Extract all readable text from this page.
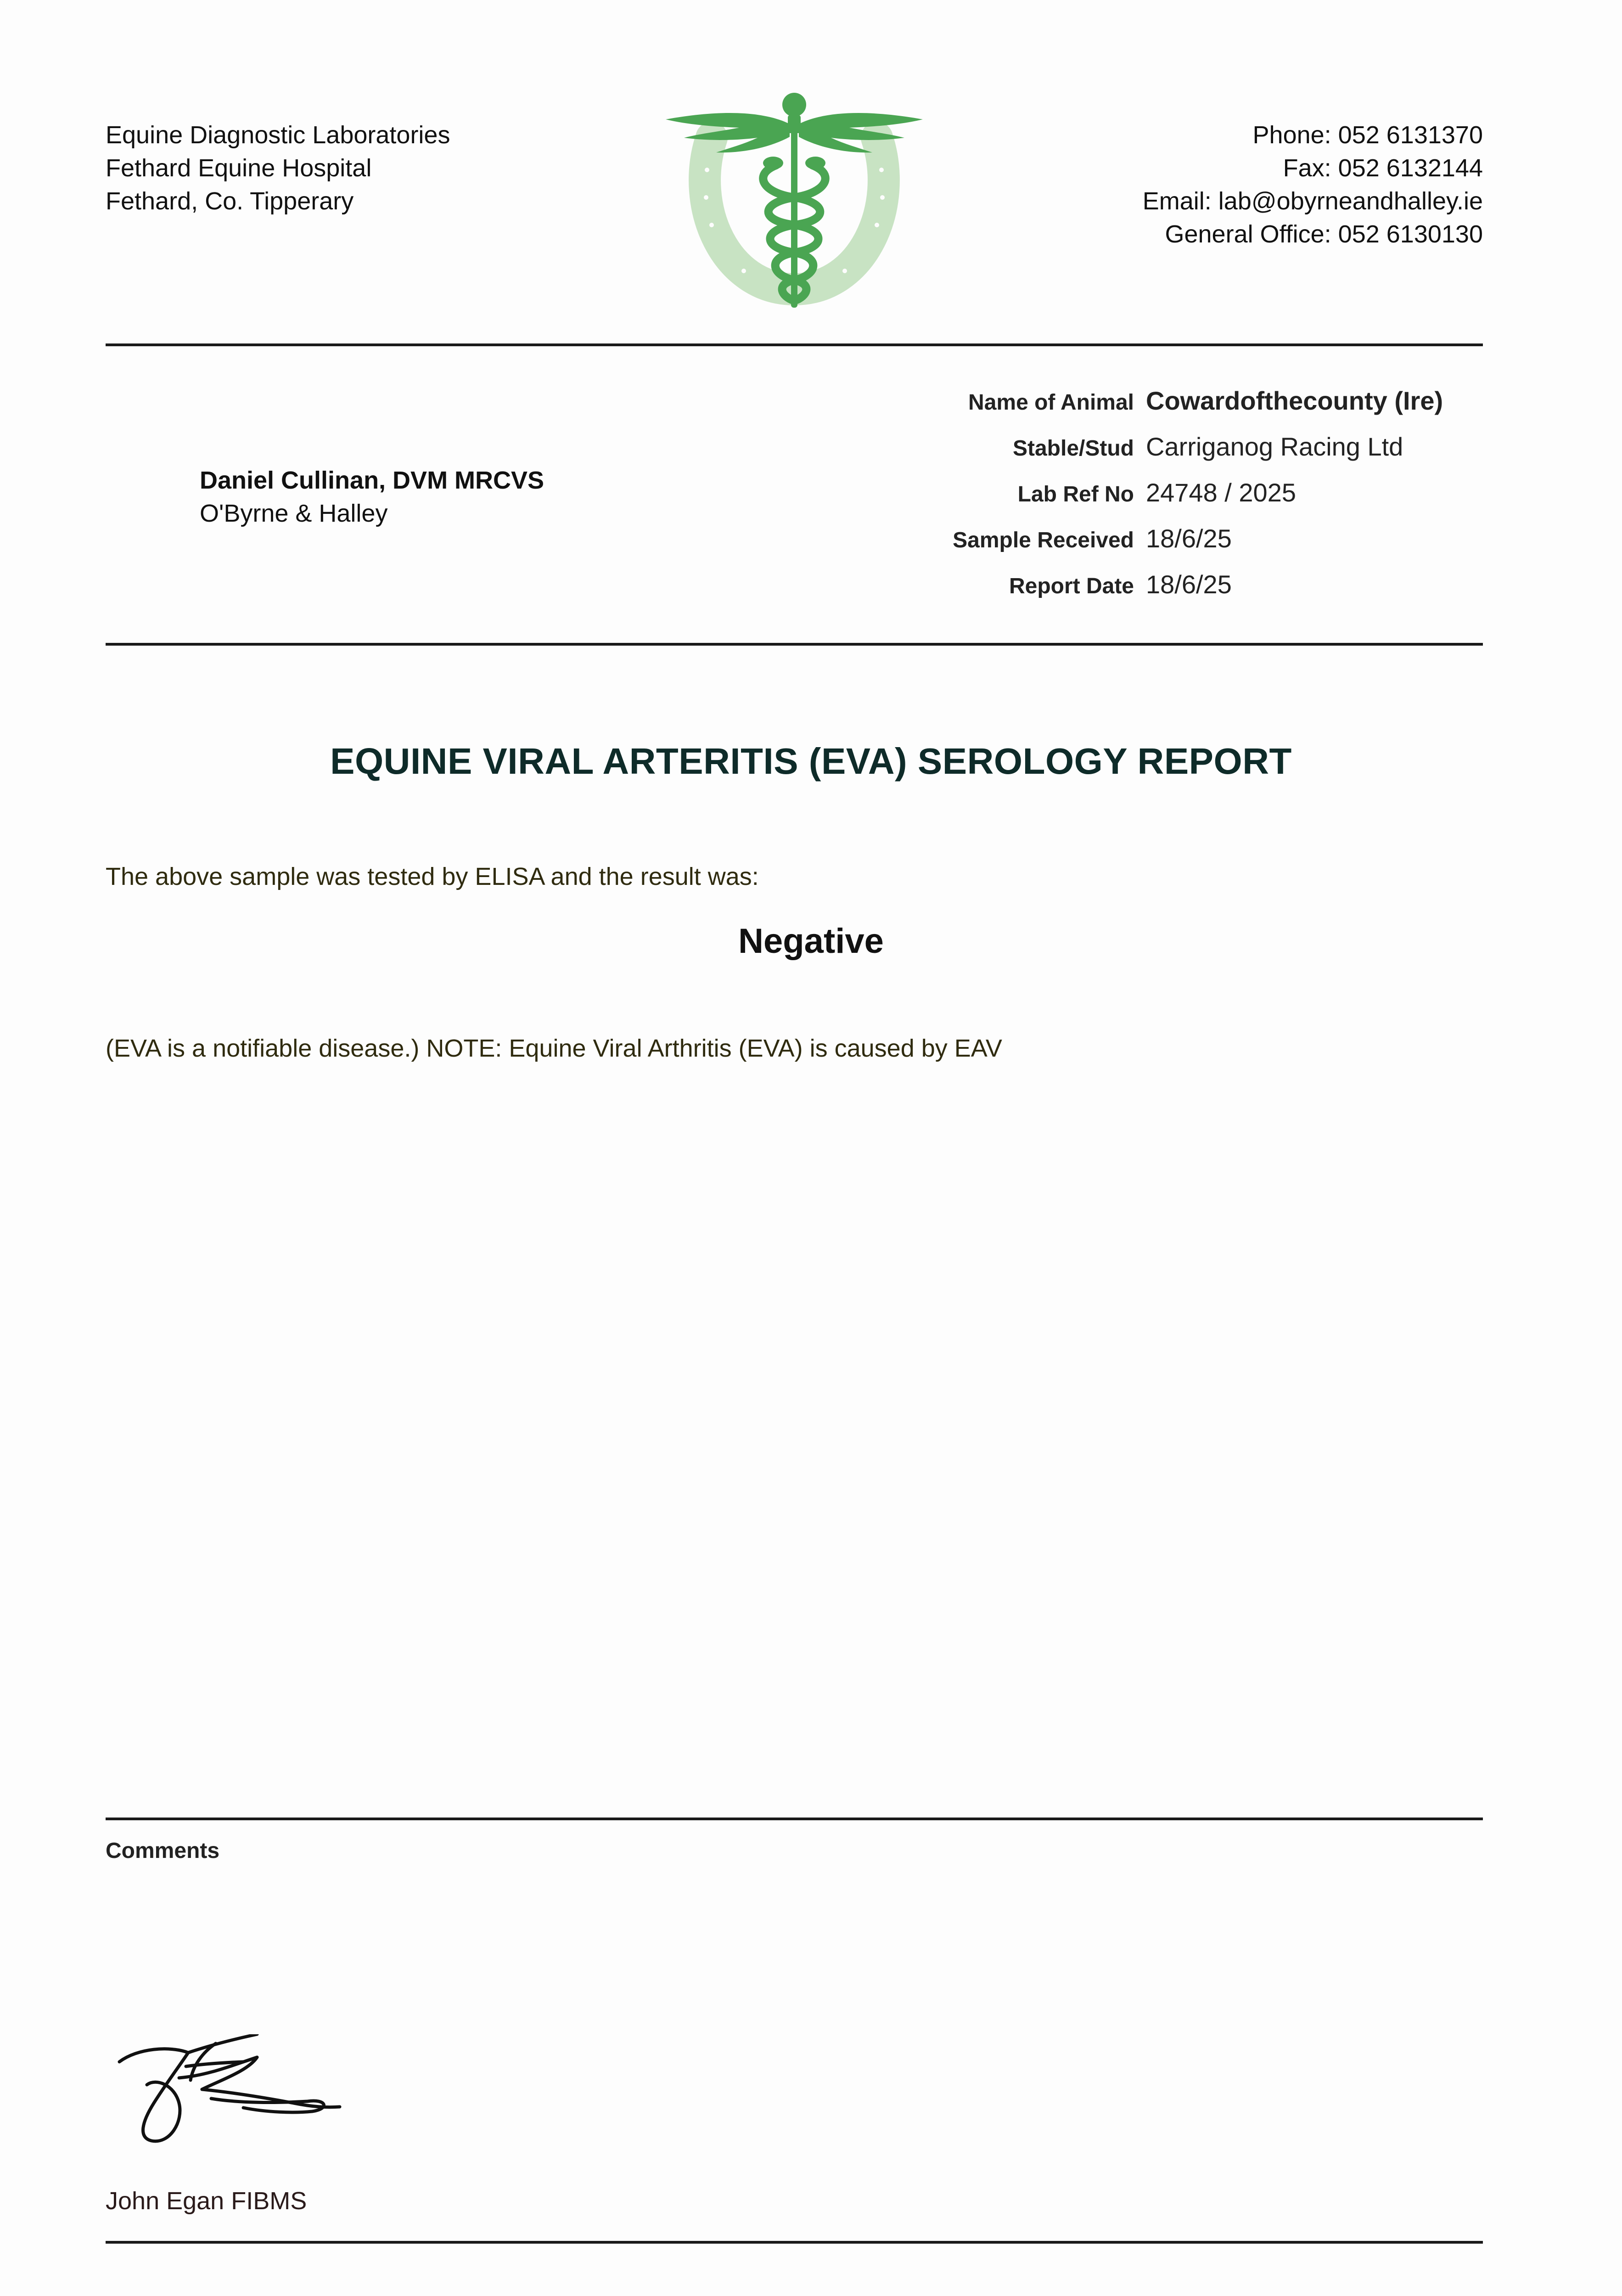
Equine Diagnostic Laboratories
Fethard Equine Hospital
Fethard, Co. Tipperary
Phone: 052 6131370
Fax: 052 6132144
Email: lab@obyrneandhalley.ie
General Office: 052 6130130
Daniel Cullinan, DVM MRCVS
O'Byrne & Halley
Name of Animal Cowardofthecounty (Ire)
Stable/Stud Carriganog Racing Ltd
Lab Ref No 24748 / 2025
Sample Received 18/6/25
Report Date 18/6/25
EQUINE VIRAL ARTERITIS (EVA) SEROLOGY REPORT
The above sample was tested by ELISA and the result was:
Negative
(EVA is a notifiable disease.) NOTE: Equine Viral Arthritis (EVA) is caused by EAV
Comments
John Egan FIBMS
